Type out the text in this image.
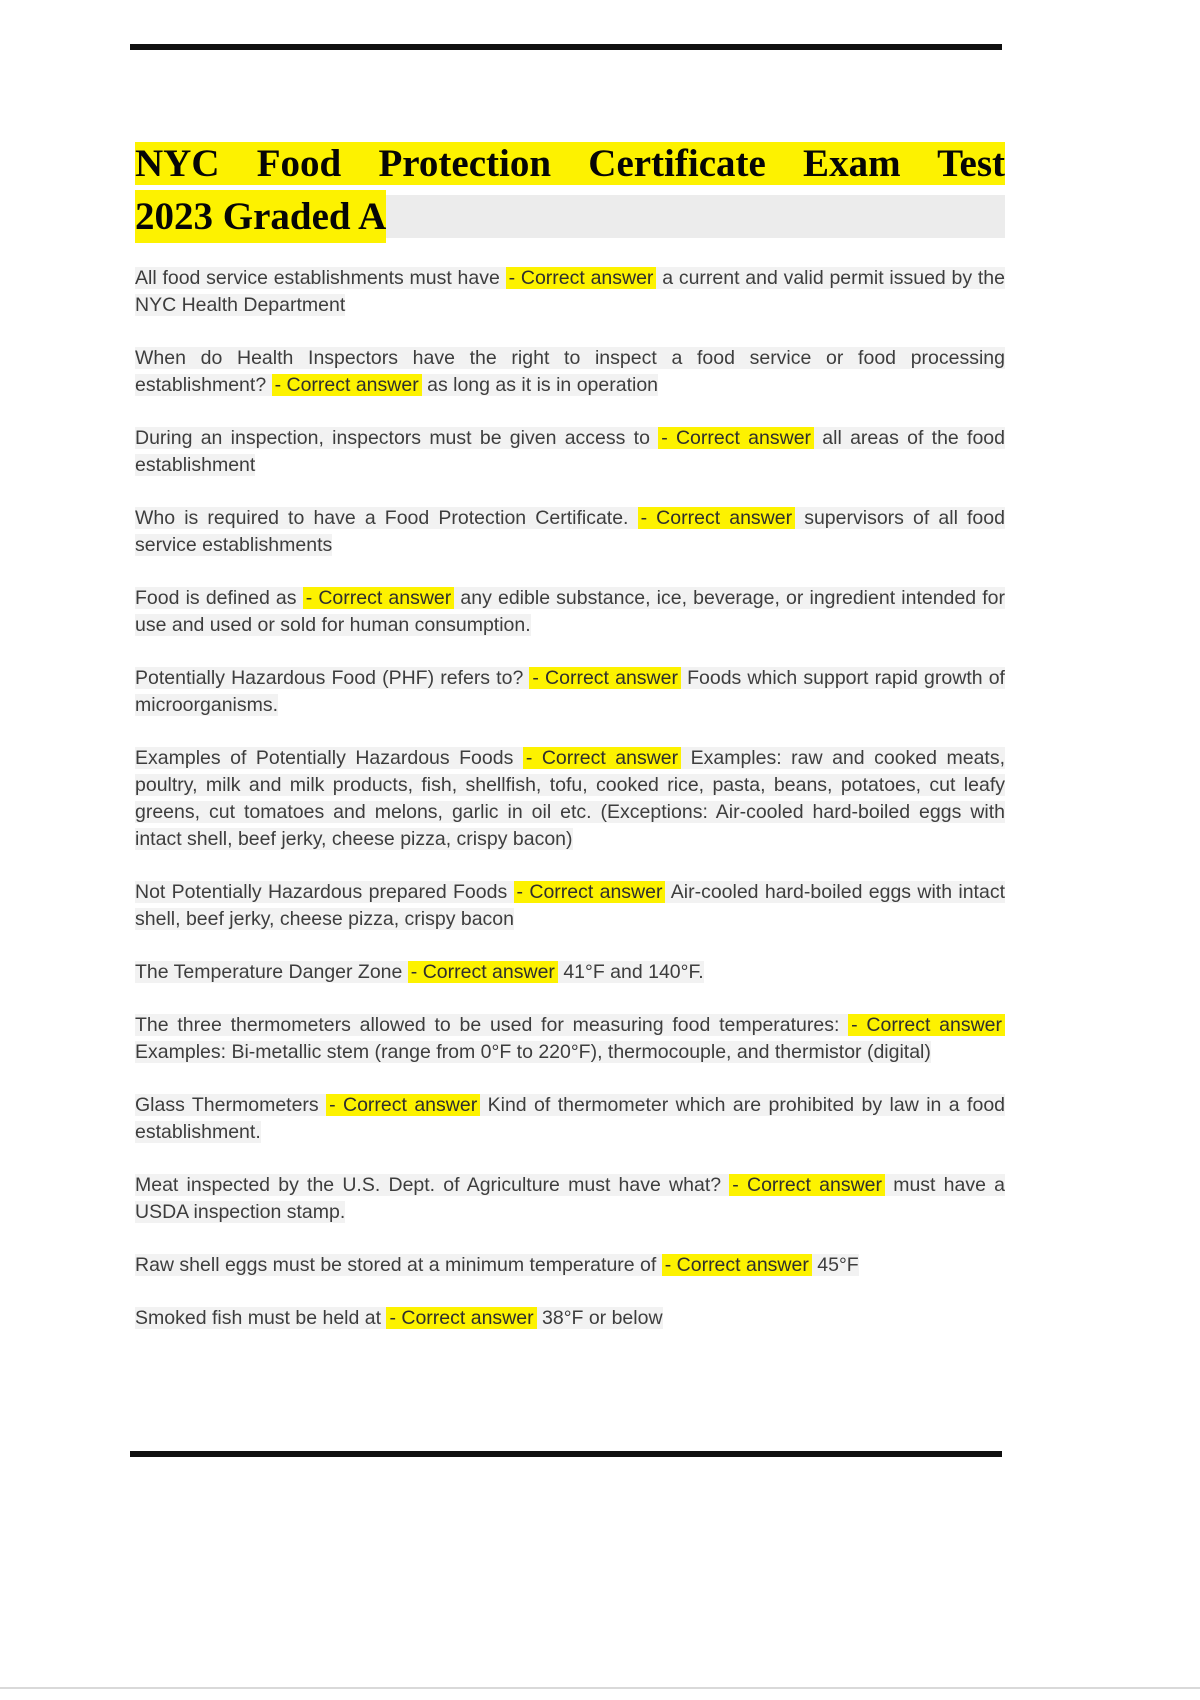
NYC Food Protection Certificate Exam Test
2023 Graded A

All food service establishments must have - Correct answer a current and valid permit issued by the NYC Health Department

When do Health Inspectors have the right to inspect a food service or food processing establishment? - Correct answer as long as it is in operation

During an inspection, inspectors must be given access to - Correct answer all areas of the food establishment

Who is required to have a Food Protection Certificate. - Correct answer supervisors of all food service establishments

Food is defined as - Correct answer any edible substance, ice, beverage, or ingredient intended for use and used or sold for human consumption.

Potentially Hazardous Food (PHF) refers to? - Correct answer Foods which support rapid growth of microorganisms.

Examples of Potentially Hazardous Foods - Correct answer Examples: raw and cooked meats, poultry, milk and milk products, fish, shellfish, tofu, cooked rice, pasta, beans, potatoes, cut leafy greens, cut tomatoes and melons, garlic in oil etc. (Exceptions: Air-cooled hard-boiled eggs with intact shell, beef jerky, cheese pizza, crispy bacon)

Not Potentially Hazardous prepared Foods - Correct answer Air-cooled hard-boiled eggs with intact shell, beef jerky, cheese pizza, crispy bacon

The Temperature Danger Zone - Correct answer 41°F and 140°F.

The three thermometers allowed to be used for measuring food temperatures: - Correct answer Examples: Bi-metallic stem (range from 0°F to 220°F), thermocouple, and thermistor (digital)

Glass Thermometers - Correct answer Kind of thermometer which are prohibited by law in a food establishment.

Meat inspected by the U.S. Dept. of Agriculture must have what? - Correct answer must have a USDA inspection stamp.

Raw shell eggs must be stored at a minimum temperature of - Correct answer 45°F

Smoked fish must be held at - Correct answer 38°F or below
